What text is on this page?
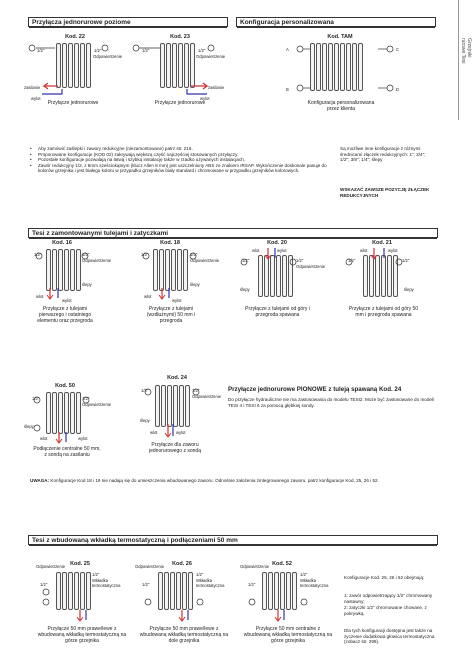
Grzejniki
rurowe Tesi
Przyłącza jednorurowe poziome
Kod. 22
1/2"	1/2"
Odpowietrzenie
zasilanie
wylot
Przyłącze jednorurowe
Kod. 23
1/2"	1/2"
Odpowietrzenie
zasilanie
wylot
Przyłącze jednorurowe
Konfiguracja personalizowana
Kod. TAM
A
B
C
D
Konfiguracja personalizowana
przez klienta
• Aby zamówić zaślepki i zawory redukcyjne (niezamontowane) patrz str. 216.
• Proponowane konfiguracje (KOD 02) zakrywają większą część najczęściej stosowanych przyłączy.
• Pozostałe konfiguracje pozwalają na łatwą i szybką instalację także w rzadko używanych instalacjach.
• Zawór redukcyjny 1/2, z 8mm sześciokątnym (klucz Allen 8 mm) jest uszczelniony ABS ze znakiem IRSAP. Wykończenie doskonale pasuje do kolorów grzejnika i jest białego koloru w przypadku grzejników biały standard i chromowane w przypadku grzejników kolorowych.
Są możliwe inne konfiguracje z różnymi średnicami złączek redukcyjnych: 1"; 3/4"; 1/2"; 3/8"; 1/4"; ślepy
WSKAZAĆ ZAWSZE POZYCJĘ ZŁĄCZEK REDUKCYJNYCH
Tesi z zamontowanymi tulejami i zatyczkami
Kod. 16
1/2"	1/2"
Odpowietrzenie
ślepy
wlot
wylot
Przyłącze z tulejami pierwszego i ostatniego elementu oraz przegroda
Kod. 18
1/2"	1/2"
Odpowietrzenie
ślepy
wlot
wylot
Przyłącze z tulejami (wzdłużnymi) 50 mm i przegroda
Kod. 20
1/2"	1/2"
Odpowietrzenie
wlot	wylot
ślepy
Przyłącze z tulejami od góry i przegroda spawana
Kod. 21
1/2"	1/2"
wlot	wylot
ślepy
Przyłącze z tulejami od góry 50 mm i przegroda spawana
Kod. 50
1/2"	1/2"
Odpowietrzenie
ślepy
wlot	wylot
Podłączenie centralne 50 mm, z sondą na zasilaniu
Kod. 24
1/2"	1/2"
Odpowietrzenie
ślepy
wlot	wylot
Przyłącze dla zaworu jednorurowego z sondą
Przyłącze jednorurowe PIONOWE z tuleją spawaną Kod. 24
Do przyłącze hydrauliczne nie ma zastosowania do modelu TESI2. Może być zastosowane do modeli TESI 4 i TESI 6 za pomocą głębkiej sondy.
UWAGA: Konfiguracje Kod 18 i 19 nie nadają się do umieszczenia wbudowanego zaworu. Odnośnie założenia zintegrowanego zaworu, patrz konfiguracje Kod. 25, 26 i 52.
Tesi z wbudowaną wkładką termostatyczną i podłączeniami 50 mm
Kod. 25
Odpowietrzenie
1/2"
1/2"
Wkładka termostatyczna
Przyłącze 50 mm prawe/lewe z wbudowaną wkładką termostatyczną na górze grzejnika
Kod. 26
Odpowietrzenie
1/2"
1/2"
Wkładka termostatyczna
Przyłącze 50 mm prawe/lewe z wbudowaną wkładką termostatyczną na dole grzejnika
Kod. 52
Odpowietrzenie
1/2"
1/2"
Wkładka termostatyczna
Przyłącze 50 mm centralne z wbudowaną wkładką termostatyczną na górze grzejnika
Konfiguracje Kod. 25, 26 i 52 obejmują:
1: zawór odpowietrzający 1/2" chromowany nastawny;
2: zatyczki 1/2" chromowane chowane, z pokrywką.
Dla tych konfiguracji dostępna jest także na życzenie dodatkowa głowica termostatyczna (zobacz str. 299).
